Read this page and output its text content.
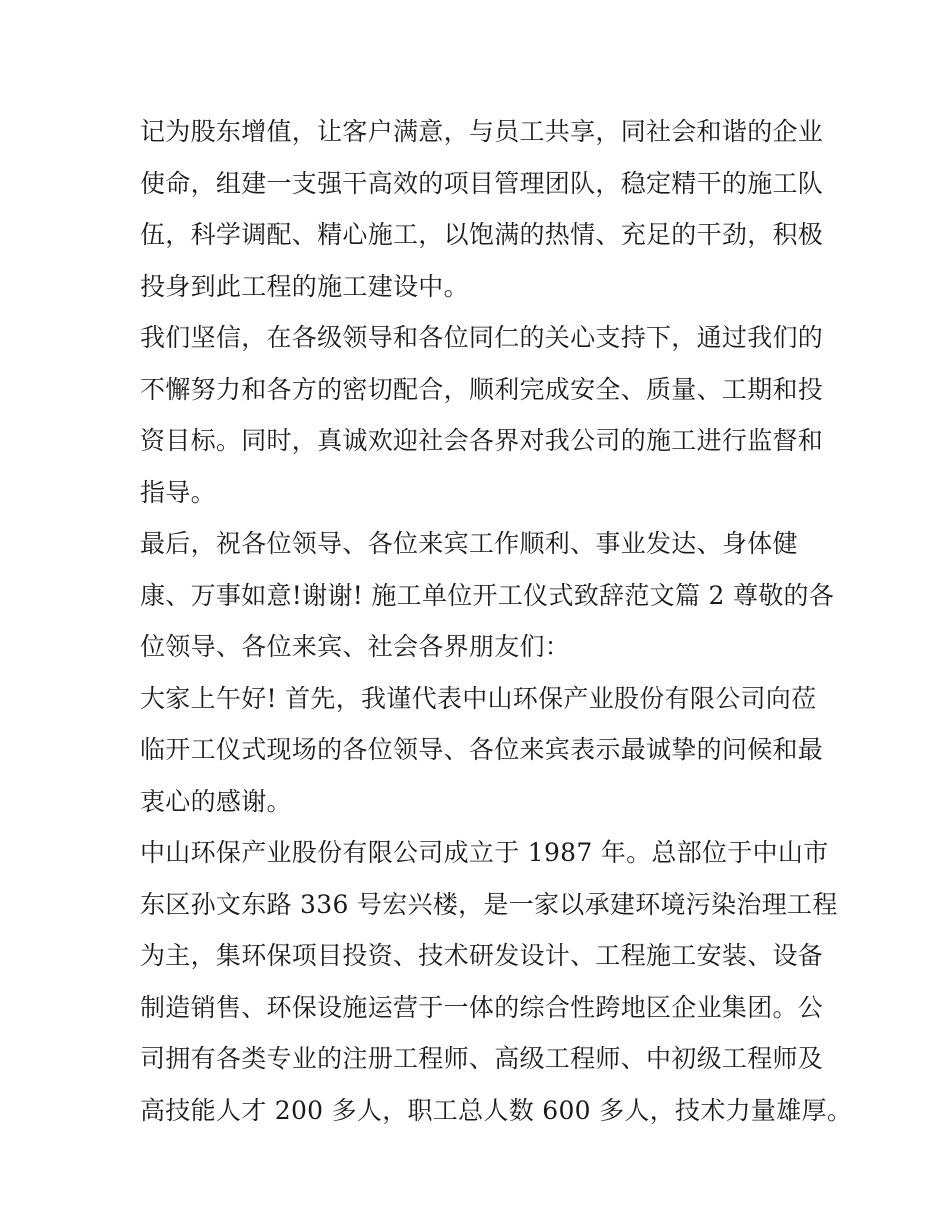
记为股东增值，让客户满意，与员工共享，同社会和谐的企业
使命，组建一支强干高效的项目管理团队，稳定精干的施工队
伍，科学调配、精心施工，以饱满的热情、充足的干劲，积极
投身到此工程的施工建设中。
我们坚信，在各级领导和各位同仁的关心支持下，通过我们的
不懈努力和各方的密切配合，顺利完成安全、质量、工期和投
资目标。同时，真诚欢迎社会各界对我公司的施工进行监督和
指导。
最后，祝各位领导、各位来宾工作顺利、事业发达、身体健
康、万事如意!谢谢! 施工单位开工仪式致辞范文篇 2 尊敬的各
位领导、各位来宾、社会各界朋友们：
大家上午好! 首先，我谨代表中山环保产业股份有限公司向莅
临开工仪式现场的各位领导、各位来宾表示最诚挚的问候和最
衷心的感谢。
中山环保产业股份有限公司成立于 1987 年。总部位于中山市
东区孙文东路 336 号宏兴楼，是一家以承建环境污染治理工程
为主，集环保项目投资、技术研发设计、工程施工安装、设备
制造销售、环保设施运营于一体的综合性跨地区企业集团。公
司拥有各类专业的注册工程师、高级工程师、中初级工程师及
高技能人才 200 多人，职工总人数 600 多人，技术力量雄厚。
